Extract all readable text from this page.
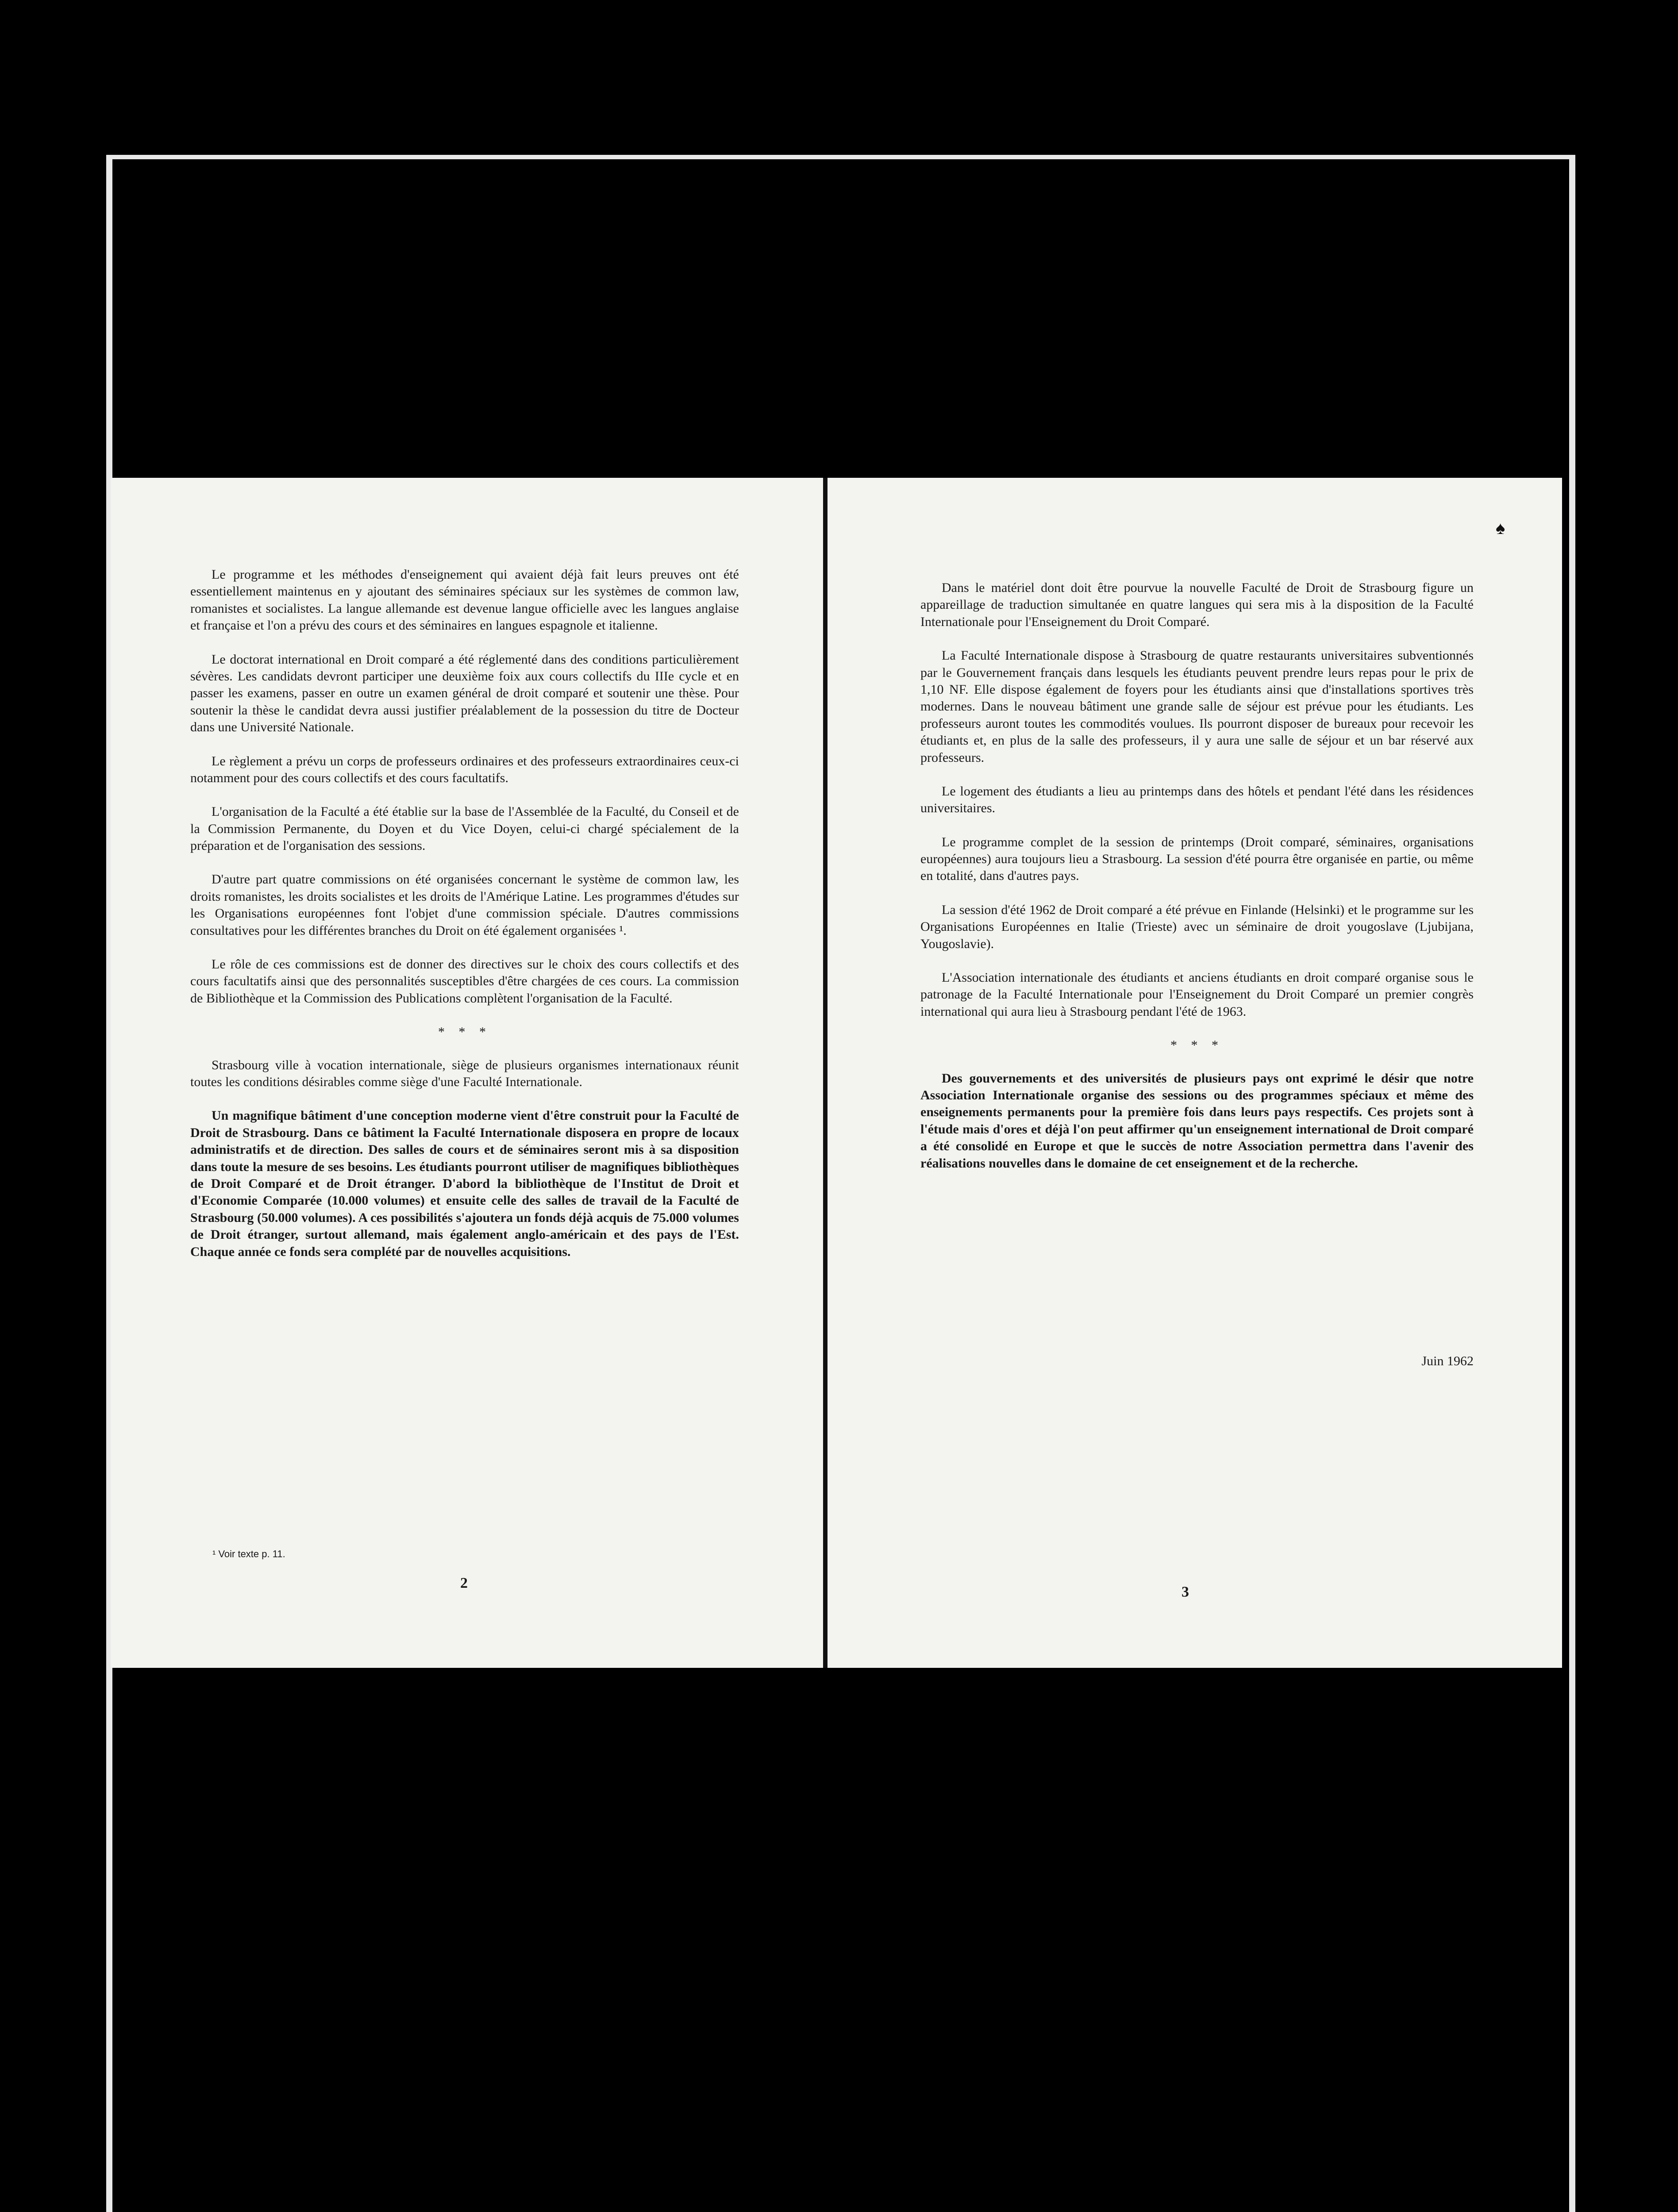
Le programme et les méthodes d'enseignement qui avaient déjà fait leurs preuves ont été essentiellement maintenus en y ajoutant des séminaires spéciaux sur les systèmes de common law, romanistes et socialistes. La langue allemande est devenue langue officielle avec les langues anglaise et française et l'on a prévu des cours et des séminaires en langues espagnole et italienne.

Le doctorat international en Droit comparé a été réglementé dans des conditions particulièrement sévères. Les candidats devront participer une deuxième foix aux cours collectifs du IIIe cycle et en passer les examens, passer en outre un examen général de droit comparé et soutenir une thèse. Pour soutenir la thèse le candidat devra aussi justifier préalablement de la possession du titre de Docteur dans une Université Nationale.

Le règlement a prévu un corps de professeurs ordinaires et des professeurs extraordinaires ceux-ci notamment pour des cours collectifs et des cours facultatifs.

L'organisation de la Faculté a été établie sur la base de l'Assemblée de la Faculté, du Conseil et de la Commission Permanente, du Doyen et du Vice Doyen, celui-ci chargé spécialement de la préparation et de l'organisation des sessions.

D'autre part quatre commissions on été organisées concernant le système de common law, les droits romanistes, les droits socialistes et les droits de l'Amérique Latine. Les programmes d'études sur les Organisations européennes font l'objet d'une commission spéciale. D'autres commissions consultatives pour les différentes branches du Droit on été également organisées ¹.

Le rôle de ces commissions est de donner des directives sur le choix des cours collectifs et des cours facultatifs ainsi que des personnalités susceptibles d'être chargées de ces cours. La commission de Bibliothèque et la Commission des Publications complètent l'organisation de la Faculté.

* * *

Strasbourg ville à vocation internationale, siège de plusieurs organismes internationaux réunit toutes les conditions désirables comme siège d'une Faculté Internationale.

Un magnifique bâtiment d'une conception moderne vient d'être construit pour la Faculté de Droit de Strasbourg. Dans ce bâtiment la Faculté Internationale disposera en propre de locaux administratifs et de direction. Des salles de cours et de séminaires seront mis à sa disposition dans toute la mesure de ses besoins. Les étudiants pourront utiliser de magnifiques bibliothèques de Droit Comparé et de Droit étranger. D'abord la bibliothèque de l'Institut de Droit et d'Economie Comparée (10.000 volumes) et ensuite celle des salles de travail de la Faculté de Strasbourg (50.000 volumes). A ces possibilités s'ajoutera un fonds déjà acquis de 75.000 volumes de Droit étranger, surtout allemand, mais également anglo-américain et des pays de l'Est. Chaque année ce fonds sera complété par de nouvelles acquisitions.

¹ Voir texte p. 11.
2

Dans le matériel dont doit être pourvue la nouvelle Faculté de Droit de Strasbourg figure un appareillage de traduction simultanée en quatre langues qui sera mis à la disposition de la Faculté Internationale pour l'Enseignement du Droit Comparé.

La Faculté Internationale dispose à Strasbourg de quatre restaurants universitaires subventionnés par le Gouvernement français dans lesquels les étudiants peuvent prendre leurs repas pour le prix de 1,10 NF. Elle dispose également de foyers pour les étudiants ainsi que d'installations sportives très modernes. Dans le nouveau bâtiment une grande salle de séjour est prévue pour les étudiants. Les professeurs auront toutes les commodités voulues. Ils pourront disposer de bureaux pour recevoir les étudiants et, en plus de la salle des professeurs, il y aura une salle de séjour et un bar réservé aux professeurs.

Le logement des étudiants a lieu au printemps dans des hôtels et pendant l'été dans les résidences universitaires.

Le programme complet de la session de printemps (Droit comparé, séminaires, organisations européennes) aura toujours lieu a Strasbourg. La session d'été pourra être organisée en partie, ou même en totalité, dans d'autres pays.

La session d'été 1962 de Droit comparé a été prévue en Finlande (Helsinki) et le programme sur les Organisations Européennes en Italie (Trieste) avec un séminaire de droit yougoslave (Ljubijana, Yougoslavie).

L'Association internationale des étudiants et anciens étudiants en droit comparé organise sous le patronage de la Faculté Internationale pour l'Enseignement du Droit Comparé un premier congrès international qui aura lieu à Strasbourg pendant l'été de 1963.

* * *

Des gouvernements et des universités de plusieurs pays ont exprimé le désir que notre Association Internationale organise des sessions ou des programmes spéciaux et même des enseignements permanents pour la première fois dans leurs pays respectifs. Ces projets sont à l'étude mais d'ores et déjà l'on peut affirmer qu'un enseignement international de Droit comparé a été consolidé en Europe et que le succès de notre Association permettra dans l'avenir des réalisations nouvelles dans le domaine de cet enseignement et de la recherche.

Juin 1962
3
♠
